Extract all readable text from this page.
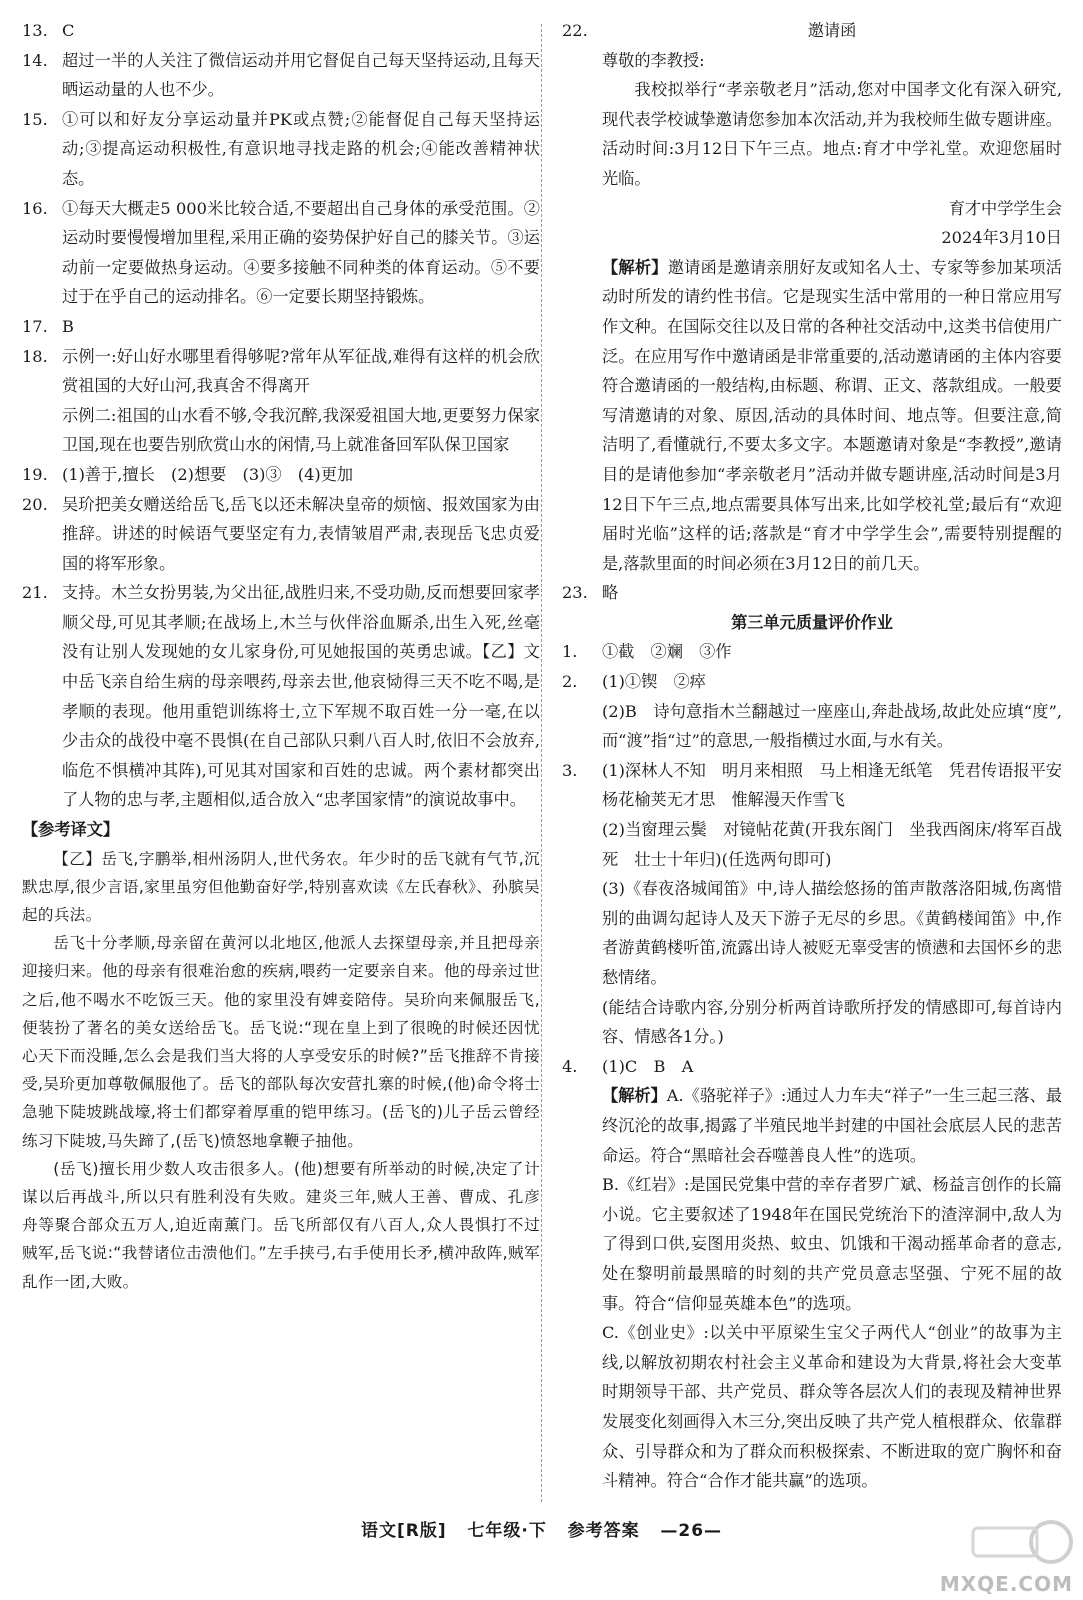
13. C
14. 超过一半的人关注了微信运动并用它督促自己每天坚持运动,且每天晒运动量的人也不少。
15. ①可以和好友分享运动量并PK或点赞;②能督促自己每天坚持运动;③提高运动积极性,有意识地寻找走路的机会;④能改善精神状态。
16. ①每天大概走5 000米比较合适,不要超出自己身体的承受范围。②运动时要慢慢增加里程,采用正确的姿势保护好自己的膝关节。③运动前一定要做热身运动。④要多接触不同种类的体育运动。⑤不要过于在乎自己的运动排名。⑥一定要长期坚持锻炼。
17. B
18. 示例一:好山好水哪里看得够呢?常年从军征战,难得有这样的机会欣赏祖国的大好山河,我真舍不得离开
示例二:祖国的山水看不够,令我沉醉,我深爱祖国大地,更要努力保家卫国,现在也要告别欣赏山水的闲情,马上就准备回军队保卫国家
19. (1)善于,擅长　(2)想要　(3)③　(4)更加
20. 吴玠把美女赠送给岳飞,岳飞以还未解决皇帝的烦恼、报效国家为由推辞。讲述的时候语气要坚定有力,表情皱眉严肃,表现岳飞忠贞爱国的将军形象。
21. 支持。木兰女扮男装,为父出征,战胜归来,不受功勋,反而想要回家孝顺父母,可见其孝顺;在战场上,木兰与伙伴浴血厮杀,出生入死,丝毫没有让别人发现她的女儿家身份,可见她报国的英勇忠诚。【乙】文中岳飞亲自给生病的母亲喂药,母亲去世,他哀恸得三天不吃不喝,是孝顺的表现。他用重铠训练将士,立下军规不取百姓一分一毫,在以少击众的战役中毫不畏惧(在自己部队只剩八百人时,依旧不会放弃,临危不惧横冲其阵),可见其对国家和百姓的忠诚。两个素材都突出了人物的忠与孝,主题相似,适合放入“忠孝国家情”的演说故事中。
【参考译文】
【乙】岳飞,字鹏举,相州汤阴人,世代务农。年少时的岳飞就有气节,沉默忠厚,很少言语,家里虽穷但他勤奋好学,特别喜欢读《左氏春秋》、孙膑吴起的兵法。
岳飞十分孝顺,母亲留在黄河以北地区,他派人去探望母亲,并且把母亲迎接归来。他的母亲有很难治愈的疾病,喂药一定要亲自来。他的母亲过世之后,他不喝水不吃饭三天。他的家里没有婢妾陪侍。吴玠向来佩服岳飞,便装扮了著名的美女送给岳飞。岳飞说:“现在皇上到了很晚的时候还因忧心天下而没睡,怎么会是我们当大将的人享受安乐的时候?”岳飞推辞不肯接受,吴玠更加尊敬佩服他了。岳飞的部队每次安营扎寨的时候,(他)命令将士急驰下陡坡跳战壕,将士们都穿着厚重的铠甲练习。(岳飞的)儿子岳云曾经练习下陡坡,马失蹄了,(岳飞)愤怒地拿鞭子抽他。
(岳飞)擅长用少数人攻击很多人。(他)想要有所举动的时候,决定了计谋以后再战斗,所以只有胜利没有失败。建炎三年,贼人王善、曹成、孔彦舟等聚合部众五万人,迫近南薰门。岳飞所部仅有八百人,众人畏惧打不过贼军,岳飞说:“我替诸位击溃他们。”左手挟弓,右手使用长矛,横冲敌阵,贼军乱作一团,大败。
22.	邀请函
尊敬的李教授:
我校拟举行“孝亲敬老月”活动,您对中国孝文化有深入研究,现代表学校诚挚邀请您参加本次活动,并为我校师生做专题讲座。活动时间:3月12日下午三点。地点:育才中学礼堂。欢迎您届时光临。
育才中学学生会
2024年3月10日
【解析】邀请函是邀请亲朋好友或知名人士、专家等参加某项活动时所发的请约性书信。它是现实生活中常用的一种日常应用写作文种。在国际交往以及日常的各种社交活动中,这类书信使用广泛。在应用写作中邀请函是非常重要的,活动邀请函的主体内容要符合邀请函的一般结构,由标题、称谓、正文、落款组成。一般要写清邀请的对象、原因,活动的具体时间、地点等。但要注意,简洁明了,看懂就行,不要太多文字。本题邀请对象是“李教授”,邀请目的是请他参加“孝亲敬老月”活动并做专题讲座,活动时间是3月12日下午三点,地点需要具体写出来,比如学校礼堂;最后有“欢迎届时光临”这样的话;落款是“育才中学学生会”,需要特别提醒的是,落款里面的时间必须在3月12日的前几天。
23. 略
第三单元质量评价作业
1.	①截　②斓　③作
2.	(1)①锲　②瘁
(2)B　诗句意指木兰翻越过一座座山,奔赴战场,故此处应填“度”,而“渡”指“过”的意思,一般指横过水面,与水有关。
3.	(1)深林人不知　明月来相照　马上相逢无纸笔　凭君传语报平安　杨花榆荚无才思　惟解漫天作雪飞
(2)当窗理云鬓　对镜帖花黄(开我东阁门　坐我西阁床/将军百战死　壮士十年归)(任选两句即可)
(3)《春夜洛城闻笛》中,诗人描绘悠扬的笛声散落洛阳城,伤离惜别的曲调勾起诗人及天下游子无尽的乡思。《黄鹤楼闻笛》中,作者游黄鹤楼听笛,流露出诗人被贬无辜受害的愤懑和去国怀乡的悲愁情绪。
(能结合诗歌内容,分别分析两首诗歌所抒发的情感即可,每首诗内容、情感各1分。)
4.	(1)C　B　A
【解析】A.《骆驼祥子》:通过人力车夫“祥子”一生三起三落、最终沉沦的故事,揭露了半殖民地半封建的中国社会底层人民的悲苦命运。符合“黑暗社会吞噬善良人性”的选项。
B.《红岩》:是国民党集中营的幸存者罗广斌、杨益言创作的长篇小说。它主要叙述了1948年在国民党统治下的渣滓洞中,敌人为了得到口供,妄图用炎热、蚊虫、饥饿和干渴动摇革命者的意志,处在黎明前最黑暗的时刻的共产党员意志坚强、宁死不屈的故事。符合“信仰显英雄本色”的选项。
C.《创业史》:以关中平原梁生宝父子两代人“创业”的故事为主线,以解放初期农村社会主义革命和建设为大背景,将社会大变革时期领导干部、共产党员、群众等各层次人们的表现及精神世界发展变化刻画得入木三分,突出反映了共产党人植根群众、依靠群众、引导群众和为了群众而积极探索、不断进取的宽广胸怀和奋斗精神。符合“合作才能共赢”的选项。
语文[R版] 七年级·下 参考答案 —26—
MXQE.COM
